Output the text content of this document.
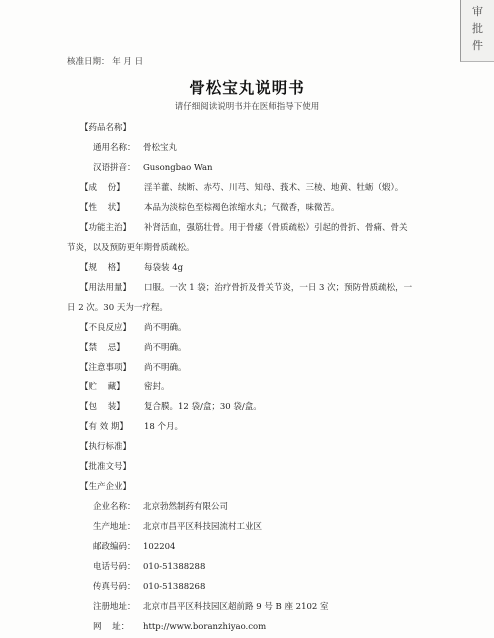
审
批
件
核准日期： 年 月 日
骨松宝丸说明书
请仔细阅读说明书并在医师指导下使用
【药品名称】
通用名称： 骨松宝丸
汉语拼音： Gusongbao Wan
【成    份】 淫羊藿、续断、赤芍、川芎、知母、莪术、三棱、地黄、牡蛎（煅）。
【性    状】 本品为淡棕色至棕褐色浓缩水丸；气微香，味微苦。
【功能主治】 补肾活血，强筋壮骨。用于骨痿（骨质疏松）引起的骨折、骨痛、骨关
节炎，以及预防更年期骨质疏松。
【规    格】 每袋装 4g
【用法用量】 口服。一次 1 袋；治疗骨折及骨关节炎，一日 3 次；预防骨质疏松，一
日 2 次。30 天为一疗程。
【不良反应】 尚不明确。
【禁    忌】 尚不明确。
【注意事项】 尚不明确。
【贮    藏】 密封。
【包    装】 复合膜。12 袋/盒；30 袋/盒。
【有 效 期】 18 个月。
【执行标准】
【批准文号】
【生产企业】
企业名称： 北京勃然制药有限公司
生产地址： 北京市昌平区科技园流村工业区
邮政编码： 102204
电话号码： 010-51388288
传真号码： 010-51388268
注册地址： 北京市昌平区科技园区超前路 9 号 B 座 2102 室
网    址： http://www.boranzhiyao.com
